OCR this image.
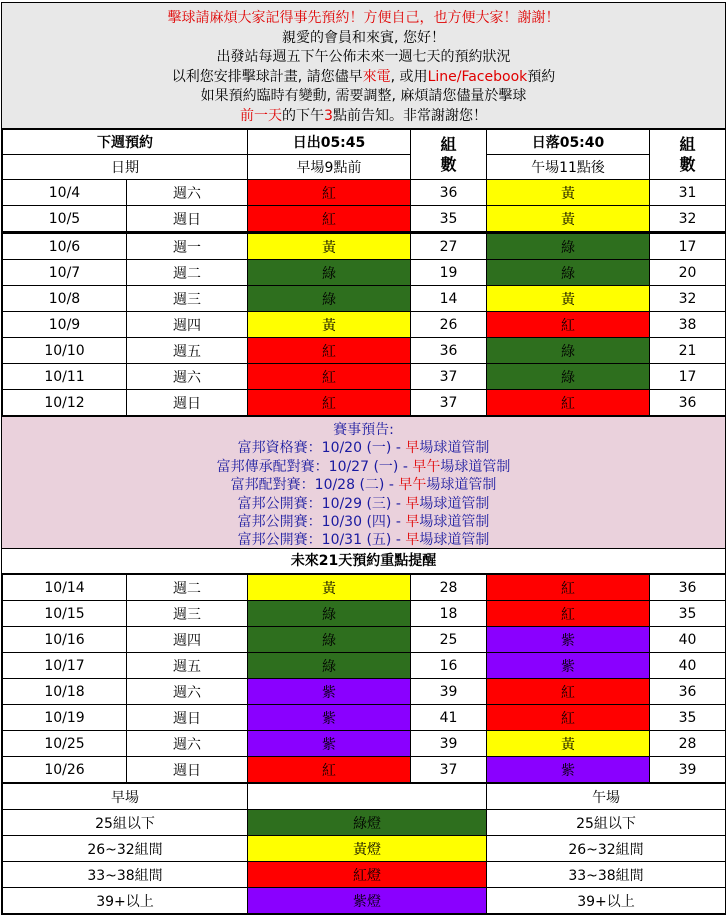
擊球請麻煩大家記得事先預約！方便自己，也方便大家！謝謝！
親愛的會員和來賓, 您好！
出發站每週五下午公佈未來一週七天的預約狀況
以利您安排擊球計畫, 請您儘早來電, 或用Line/Facebook預約
如果預約臨時有變動, 需要調整, 麻煩請您儘量於擊球
前一天的下午3點前告知。非常謝謝您！
下週預約		日出05:45	組數	日落05:40	組數
日期		早場9點前		午場11點後	
10/4	週六	紅	36	黃	31
10/5	週日	紅	35	黃	32
10/6	週一	黃	27	綠	17
10/7	週二	綠	19	綠	20
10/8	週三	綠	14	黃	32
10/9	週四	黃	26	紅	38
10/10	週五	紅	36	綠	21
10/11	週六	紅	37	綠	17
10/12	週日	紅	37	紅	36
賽事預告:
富邦資格賽：10/20 (一) - 早場球道管制
富邦傳承配對賽：10/27 (一) - 早午場球道管制
富邦配對賽：10/28 (二) - 早午場球道管制
富邦公開賽：10/29 (三) - 早場球道管制
富邦公開賽：10/30 (四) - 早場球道管制
富邦公開賽：10/31 (五) - 早場球道管制
未來21天預約重點提醒
10/14	週二	黃	28	紅	36
10/15	週三	綠	18	紅	35
10/16	週四	綠	25	紫	40
10/17	週五	綠	16	紫	40
10/18	週六	紫	39	紅	36
10/19	週日	紫	41	紅	35
10/25	週六	紫	39	黃	28
10/26	週日	紅	37	紫	39
早場		午場
25組以下	綠燈	25組以下
26~32組間	黃燈	26~32組間
33~38組間	紅燈	33~38組間
39+以上	紫燈	39+以上
